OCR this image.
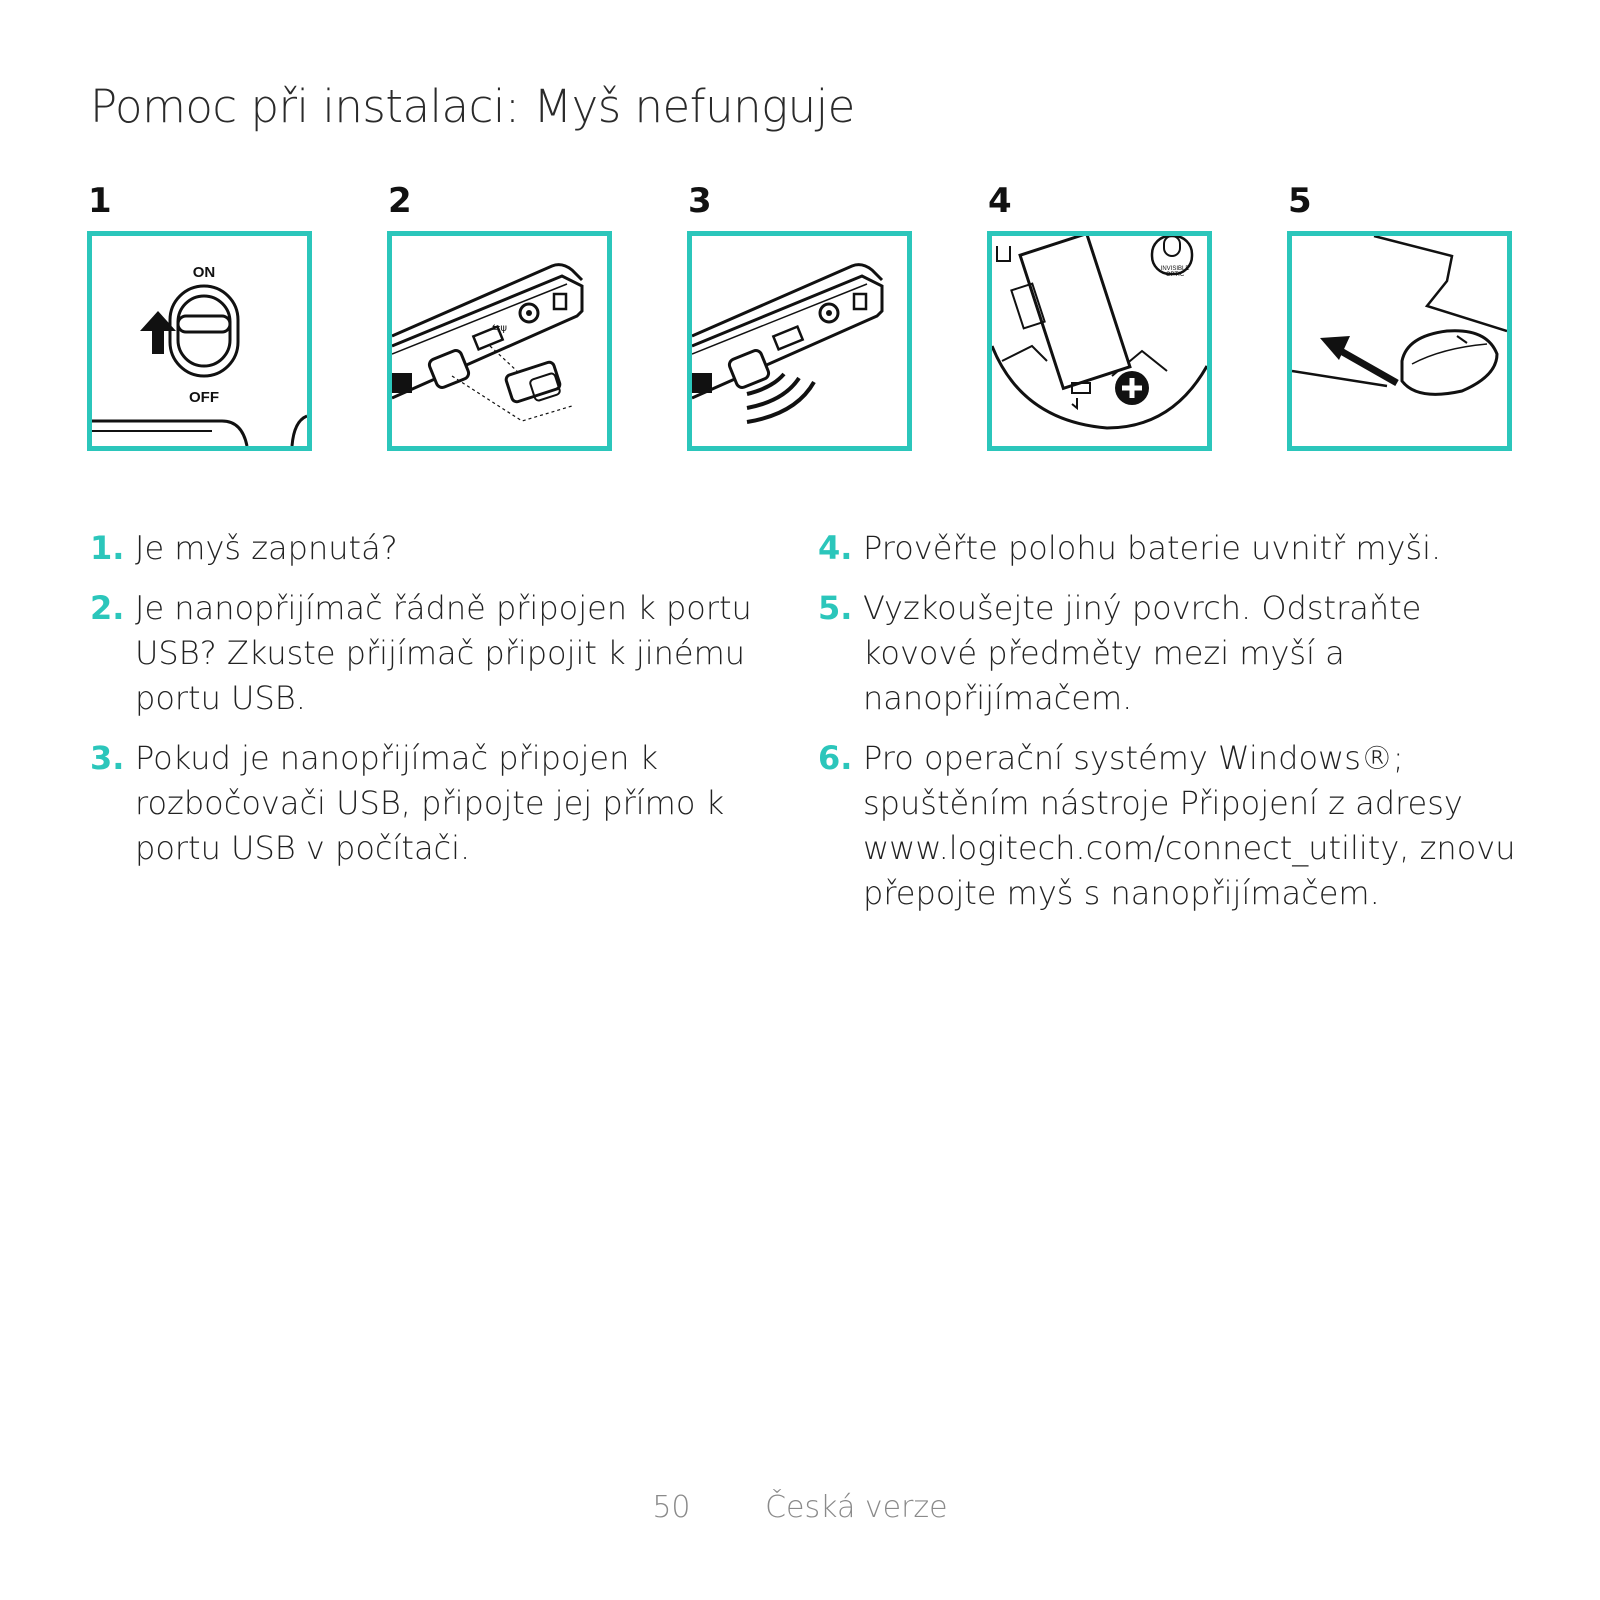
Pomoc při instalaci: Myš nefunguje
1	2	3	4	5
ON
OFF
⇆ψ
INVISIBLE
OPTIC
1. Je myš zapnutá?
2. Je nanopřijímač řádně připojen k portu USB? Zkuste přijímač připojit k jinému portu USB.
3. Pokud je nanopřijímač připojen k rozbočovači USB, připojte jej přímo k portu USB v počítači.
4. Prověřte polohu baterie uvnitř myši.
5. Vyzkoušejte jiný povrch. Odstraňte kovové předměty mezi myší a nanopřijímačem.
6. Pro operační systémy Windows®; spuštěním nástroje Připojení z adresy www.logitech.com/connect_utility, znovu přepojte myš s nanopřijímačem.
50 Česká verze
